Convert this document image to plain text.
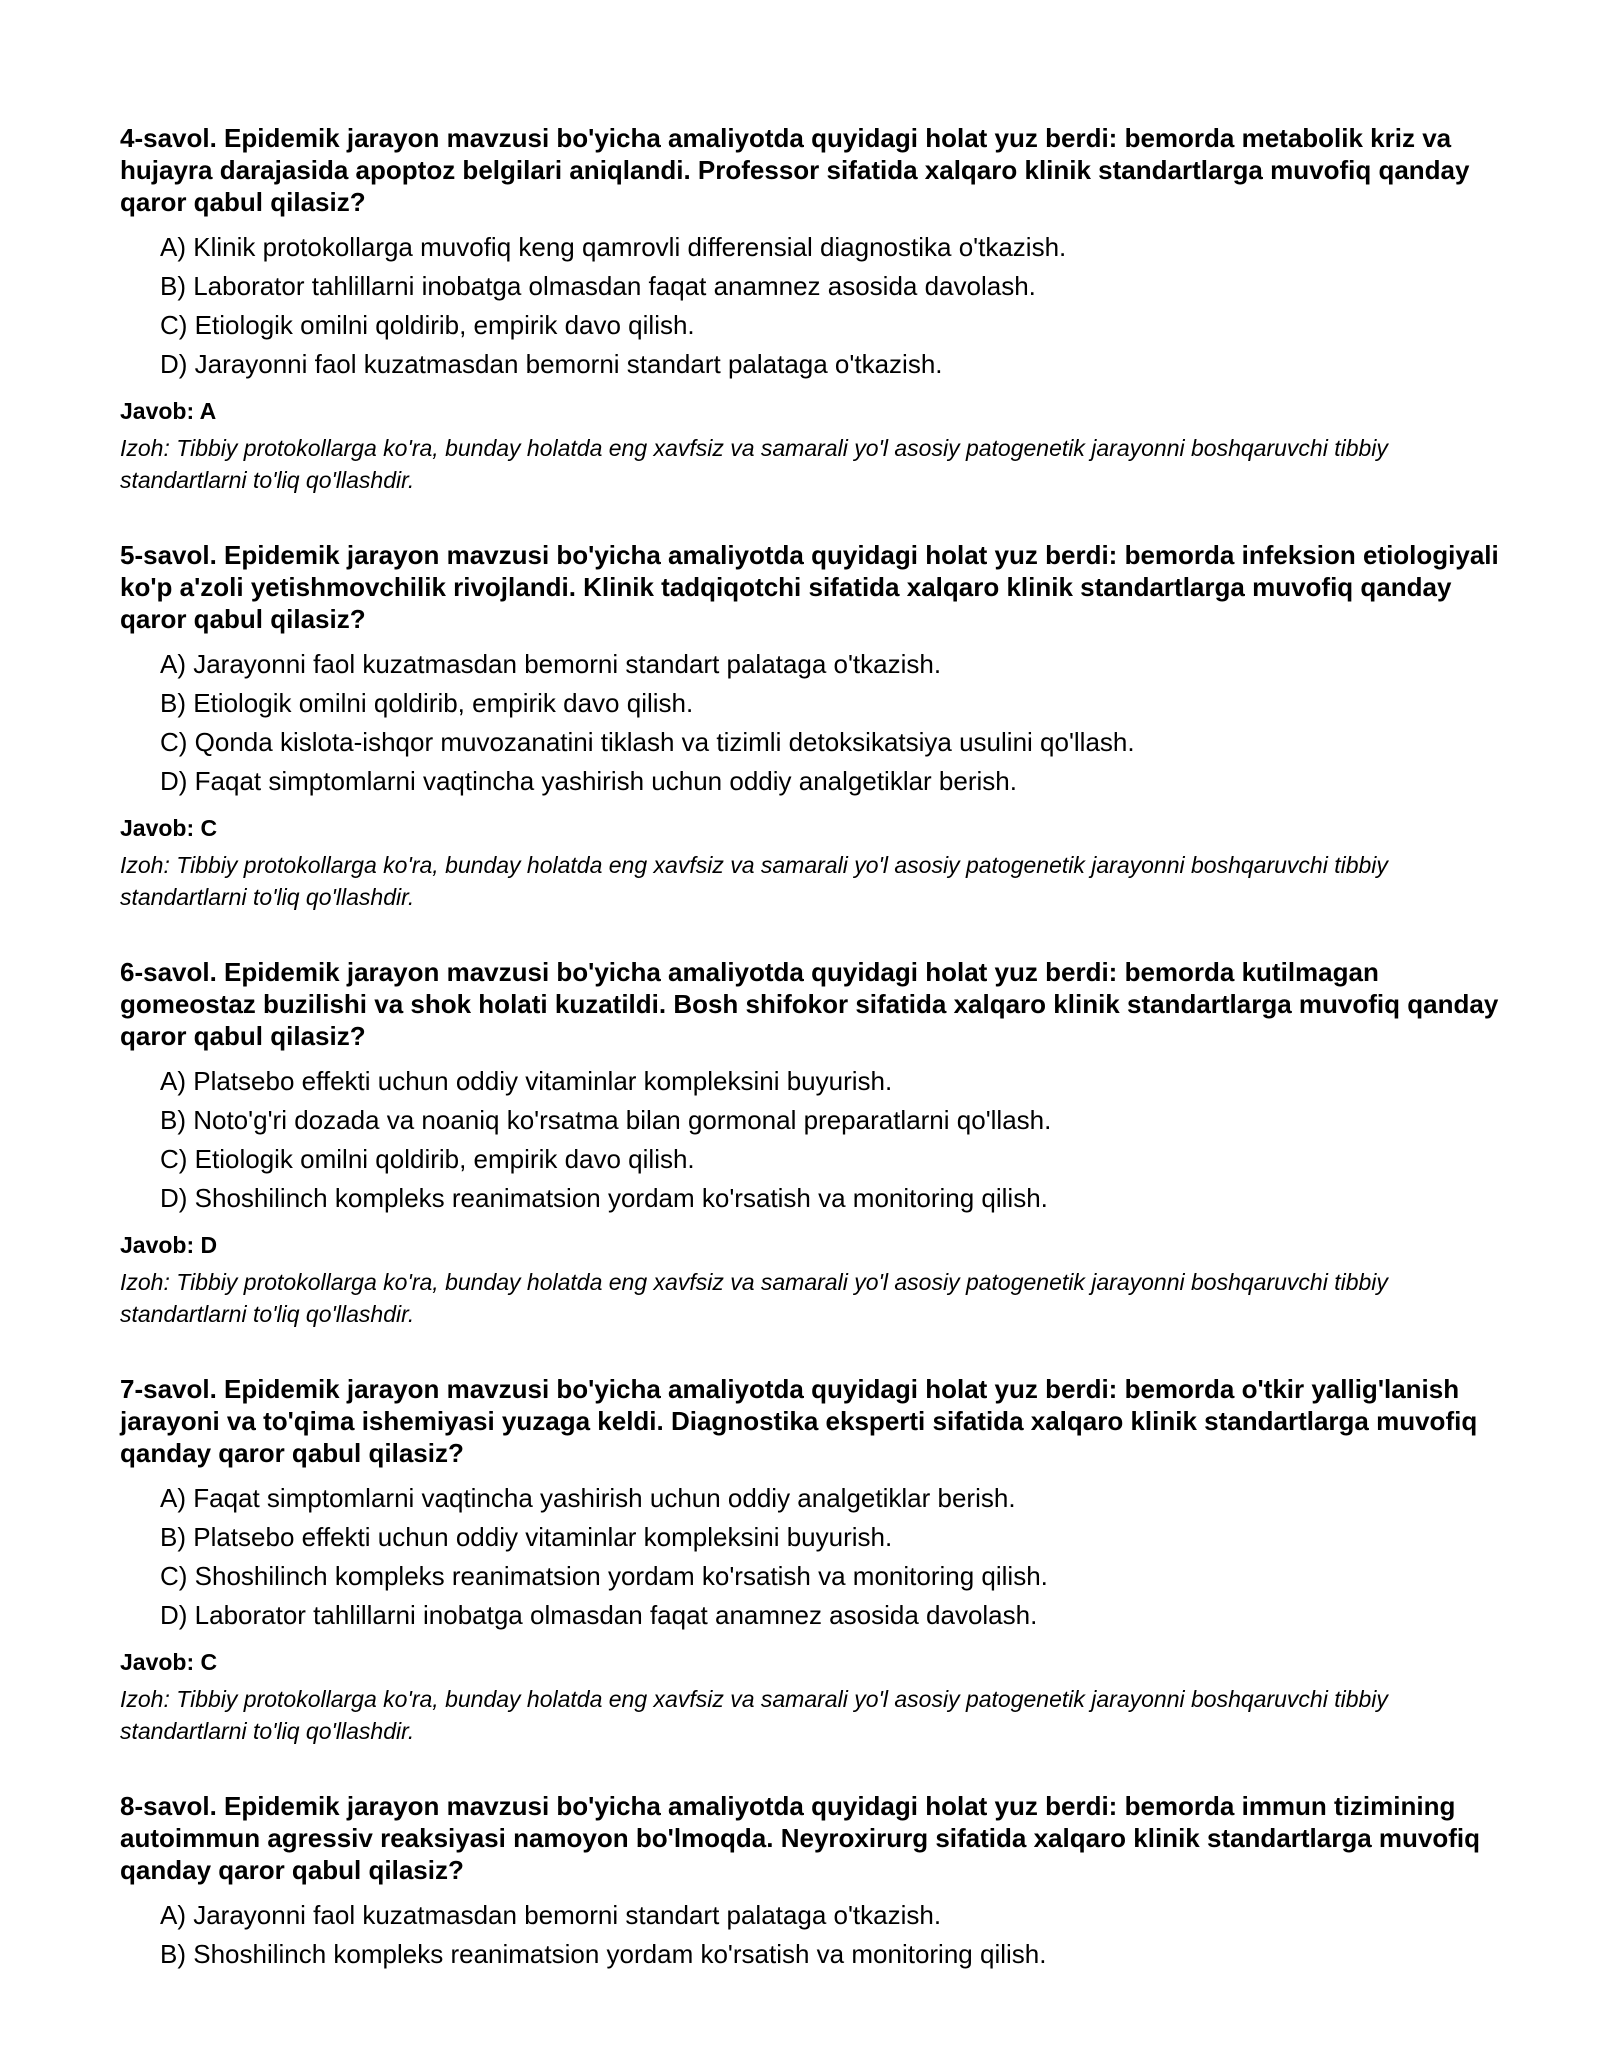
4-savol. Epidemik jarayon mavzusi bo'yicha amaliyotda quyidagi holat yuz berdi: bemorda metabolik kriz va hujayra darajasida apoptoz belgilari aniqlandi. Professor sifatida xalqaro klinik standartlarga muvofiq qanday qaror qabul qilasiz?

A) Klinik protokollarga muvofiq keng qamrovli differensial diagnostika o'tkazish.
B) Laborator tahlillarni inobatga olmasdan faqat anamnez asosida davolash.
C) Etiologik omilni qoldirib, empirik davo qilish.
D) Jarayonni faol kuzatmasdan bemorni standart palataga o'tkazish.

Javob: A

Izoh: Tibbiy protokollarga ko'ra, bunday holatda eng xavfsiz va samarali yo'l asosiy patogenetik jarayonni boshqaruvchi tibbiy standartlarni to'liq qo'llashdir.

5-savol. Epidemik jarayon mavzusi bo'yicha amaliyotda quyidagi holat yuz berdi: bemorda infeksion etiologiyali ko'p a'zoli yetishmovchilik rivojlandi. Klinik tadqiqotchi sifatida xalqaro klinik standartlarga muvofiq qanday qaror qabul qilasiz?

A) Jarayonni faol kuzatmasdan bemorni standart palataga o'tkazish.
B) Etiologik omilni qoldirib, empirik davo qilish.
C) Qonda kislota-ishqor muvozanatini tiklash va tizimli detoksikatsiya usulini qo'llash.
D) Faqat simptomlarni vaqtincha yashirish uchun oddiy analgetiklar berish.

Javob: C

Izoh: Tibbiy protokollarga ko'ra, bunday holatda eng xavfsiz va samarali yo'l asosiy patogenetik jarayonni boshqaruvchi tibbiy standartlarni to'liq qo'llashdir.

6-savol. Epidemik jarayon mavzusi bo'yicha amaliyotda quyidagi holat yuz berdi: bemorda kutilmagan gomeostaz buzilishi va shok holati kuzatildi. Bosh shifokor sifatida xalqaro klinik standartlarga muvofiq qanday qaror qabul qilasiz?

A) Platsebo effekti uchun oddiy vitaminlar kompleksini buyurish.
B) Noto'g'ri dozada va noaniq ko'rsatma bilan gormonal preparatlarni qo'llash.
C) Etiologik omilni qoldirib, empirik davo qilish.
D) Shoshilinch kompleks reanimatsion yordam ko'rsatish va monitoring qilish.

Javob: D

Izoh: Tibbiy protokollarga ko'ra, bunday holatda eng xavfsiz va samarali yo'l asosiy patogenetik jarayonni boshqaruvchi tibbiy standartlarni to'liq qo'llashdir.

7-savol. Epidemik jarayon mavzusi bo'yicha amaliyotda quyidagi holat yuz berdi: bemorda o'tkir yallig'lanish jarayoni va to'qima ishemiyasi yuzaga keldi. Diagnostika eksperti sifatida xalqaro klinik standartlarga muvofiq qanday qaror qabul qilasiz?

A) Faqat simptomlarni vaqtincha yashirish uchun oddiy analgetiklar berish.
B) Platsebo effekti uchun oddiy vitaminlar kompleksini buyurish.
C) Shoshilinch kompleks reanimatsion yordam ko'rsatish va monitoring qilish.
D) Laborator tahlillarni inobatga olmasdan faqat anamnez asosida davolash.

Javob: C

Izoh: Tibbiy protokollarga ko'ra, bunday holatda eng xavfsiz va samarali yo'l asosiy patogenetik jarayonni boshqaruvchi tibbiy standartlarni to'liq qo'llashdir.

8-savol. Epidemik jarayon mavzusi bo'yicha amaliyotda quyidagi holat yuz berdi: bemorda immun tizimining autoimmun agressiv reaksiyasi namoyon bo'lmoqda. Neyroxirurg sifatida xalqaro klinik standartlarga muvofiq qanday qaror qabul qilasiz?

A) Jarayonni faol kuzatmasdan bemorni standart palataga o'tkazish.
B) Shoshilinch kompleks reanimatsion yordam ko'rsatish va monitoring qilish.
